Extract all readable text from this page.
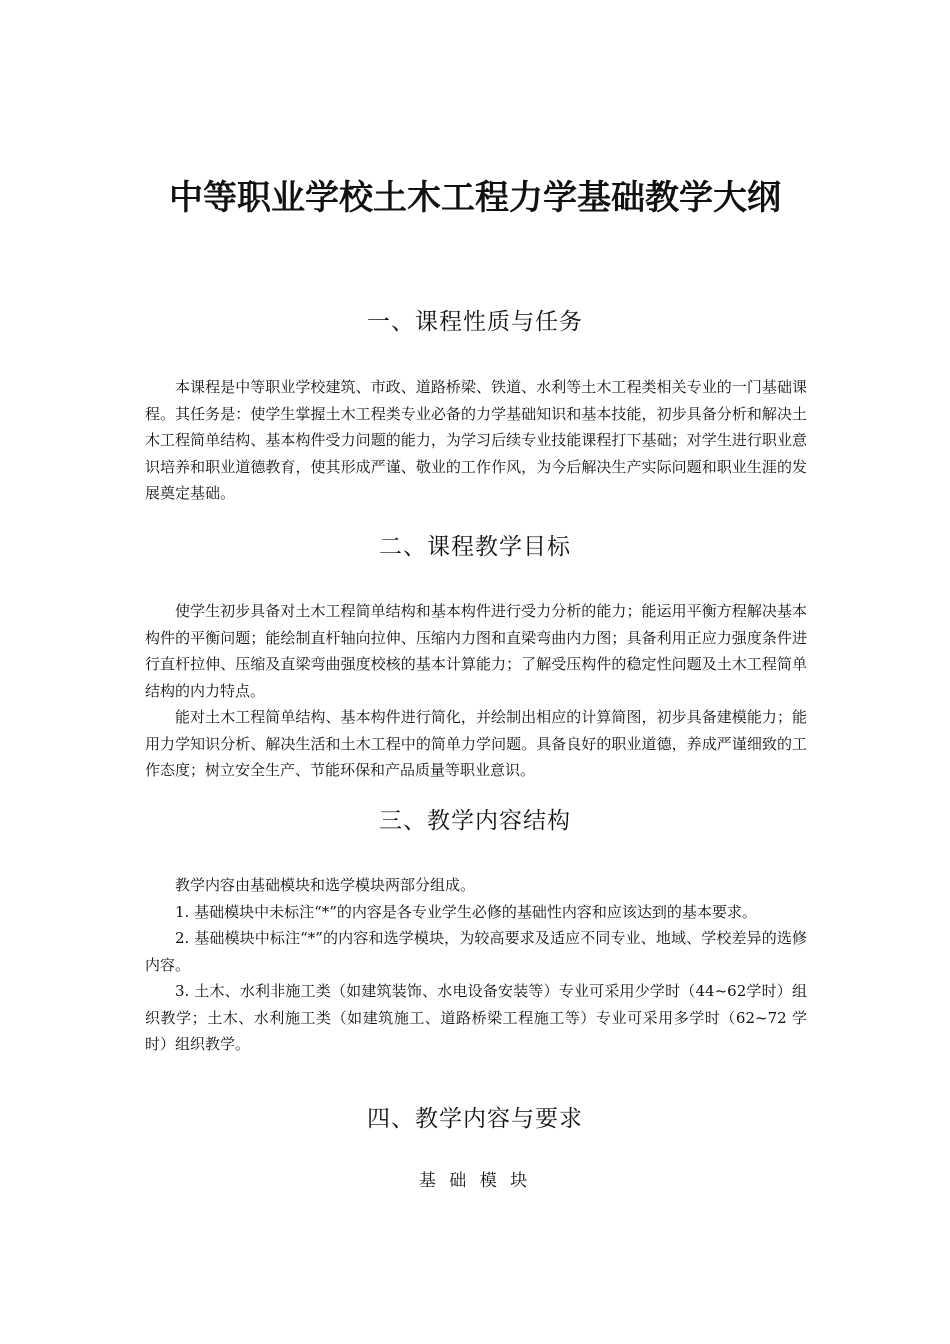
中等职业学校土木工程力学基础教学大纲
一、课程性质与任务

本课程是中等职业学校建筑、市政、道路桥梁、铁道、水利等土木工程类相关专业的一门基础课程。其任务是：使学生掌握土木工程类专业必备的力学基础知识和基本技能，初步具备分析和解决土木工程简单结构、基本构件受力问题的能力，为学习后续专业技能课程打下基础；对学生进行职业意识培养和职业道德教育，使其形成严谨、敬业的工作作风，为今后解决生产实际问题和职业生涯的发展奠定基础。

二、课程教学目标

使学生初步具备对土木工程简单结构和基本构件进行受力分析的能力；能运用平衡方程解决基本构件的平衡问题；能绘制直杆轴向拉伸、压缩内力图和直梁弯曲内力图；具备利用正应力强度条件进行直杆拉伸、压缩及直梁弯曲强度校核的基本计算能力；了解受压构件的稳定性问题及土木工程简单结构的内力特点。

能对土木工程简单结构、基本构件进行简化，并绘制出相应的计算简图，初步具备建模能力；能用力学知识分析、解决生活和土木工程中的简单力学问题。具备良好的职业道德，养成严谨细致的工作态度；树立安全生产、节能环保和产品质量等职业意识。

三、教学内容结构

教学内容由基础模块和选学模块两部分组成。

1. 基础模块中未标注“*”的内容是各专业学生必修的基础性内容和应该达到的基本要求。

2. 基础模块中标注“*”的内容和选学模块，为较高要求及适应不同专业、地域、学校差异的选修内容。

3. 土木、水利非施工类（如建筑装饰、水电设备安装等）专业可采用少学时（44~62学时）组织教学；土木、水利施工类（如建筑施工、道路桥梁工程施工等）专业可采用多学时（62~72 学时）组织教学。

四、教学内容与要求
基 础 模 块
